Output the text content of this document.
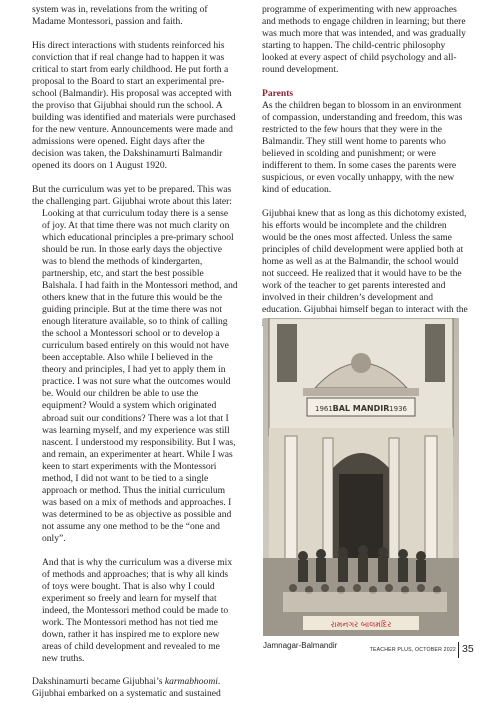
system was in, revelations from the writing of Madame Montessori, passion and faith.

His direct interactions with students reinforced his conviction that if real change had to happen it was critical to start from early childhood. He put forth a proposal to the Board to start an experimental pre-school (Balmandir). His proposal was accepted with the proviso that Gijubhai should run the school. A building was identified and materials were purchased for the new venture. Announcements were made and admissions were opened. Eight days after the decision was taken, the Dakshinamurti Balmandir opened its doors on 1 August 1920.

But the curriculum was yet to be prepared. This was the challenging part. Gijubhai wrote about this later:

Looking at that curriculum today there is a sense of joy. At that time there was not much clarity on which educational principles a pre-primary school should be run. In those early days the objective was to blend the methods of kindergarten, partnership, etc, and start the best possible Balshala. I had faith in the Montessori method, and others knew that in the future this would be the guiding principle. But at the time there was not enough literature available, so to think of calling the school a Montessori school or to develop a curriculum based entirely on this would not have been acceptable. Also while I believed in the theory and principles, I had yet to apply them in practice. I was not sure what the outcomes would be. Would our children be able to use the equipment? Would a system which originated abroad suit our conditions? There was a lot that I was learning myself, and my experience was still nascent. I understood my responsibility. But I was, and remain, an experimenter at heart. While I was keen to start experiments with the Montessori method, I did not want to be tied to a single approach or method. Thus the initial curriculum was based on a mix of methods and approaches. I was determined to be as objective as possible and not assume any one method to be the “one and only”.

And that is why the curriculum was a diverse mix of methods and approaches; that is why all kinds of toys were bought. That is also why I could experiment so freely and learn for myself that indeed, the Montessori method could be made to work. The Montessori method has not tied me down, rather it has inspired me to explore new areas of child development and revealed to me new truths.

Dakshinamurti became Gijubhai’s karmabhoomi. Gijubhai embarked on a systematic and sustained

programme of experimenting with new approaches and methods to engage children in learning; but there was much more that was intended, and was gradually starting to happen. The child-centric philosophy looked at every aspect of child psychology and all-round development.

Parents

As the children began to blossom in an environment of compassion, understanding and freedom, this was restricted to the few hours that they were in the Balmandir. They still went home to parents who believed in scolding and punishment; or were indifferent to them. In some cases the parents were suspicious, or even vocally unhappy, with the new kind of education.

Gijubhai knew that as long as this dichotomy existed, his efforts would be incomplete and the children would be the ones most affected. Unless the same principles of child development were applied both at home as well as at the Balmandir, the school would not succeed. He realized that it would have to be the work of the teacher to get parents interested and involved in their children’s development and education. Gijubhai himself began to interact with the

1961 BAL MANDIR 1936
રામનગર બાલમંદિર
Jamnagar-Balmandir	TEACHER PLUS, OCTOBER 2022 35
